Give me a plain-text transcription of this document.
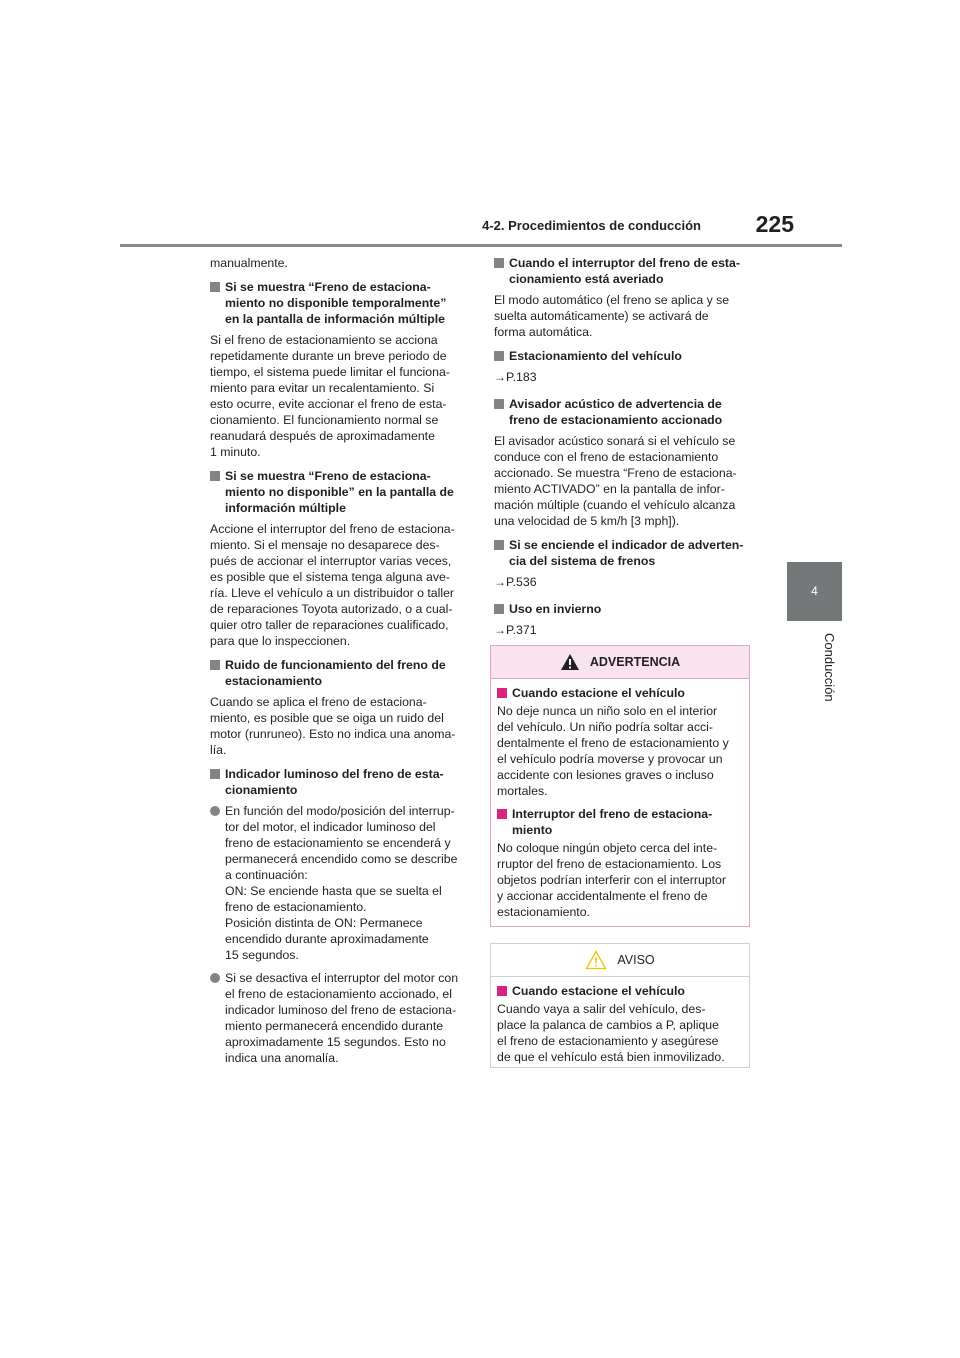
4-2. Procedimientos de conducción	225
4
Conducción

manualmente.

Si se muestra “Freno de estaciona-
miento no disponible temporalmente”
en la pantalla de información múltiple

Si el freno de estacionamiento se acciona
repetidamente durante un breve periodo de
tiempo, el sistema puede limitar el funciona-
miento para evitar un recalentamiento. Si
esto ocurre, evite accionar el freno de esta-
cionamiento. El funcionamiento normal se
reanudará después de aproximadamente
1 minuto.

Si se muestra “Freno de estaciona-
miento no disponible” en la pantalla de
información múltiple

Accione el interruptor del freno de estaciona-
miento. Si el mensaje no desaparece des-
pués de accionar el interruptor varias veces,
es posible que el sistema tenga alguna ave-
ría. Lleve el vehículo a un distribuidor o taller
de reparaciones Toyota autorizado, o a cual-
quier otro taller de reparaciones cualificado,
para que lo inspeccionen.

Ruido de funcionamiento del freno de
estacionamiento

Cuando se aplica el freno de estaciona-
miento, es posible que se oiga un ruido del
motor (runruneo). Esto no indica una anoma-
lía.

Indicador luminoso del freno de esta-
cionamiento
En función del modo/posición del interrup-
tor del motor, el indicador luminoso del
freno de estacionamiento se encenderá y
permanecerá encendido como se describe
a continuación:
ON: Se enciende hasta que se suelta el
freno de estacionamiento.
Posición distinta de ON: Permanece
encendido durante aproximadamente
15 segundos.
Si se desactiva el interruptor del motor con
el freno de estacionamiento accionado, el
indicador luminoso del freno de estaciona-
miento permanecerá encendido durante
aproximadamente 15 segundos. Esto no
indica una anomalía.
Cuando el interruptor del freno de esta-
cionamiento está averiado

El modo automático (el freno se aplica y se
suelta automáticamente) se activará de
forma automática.

Estacionamiento del vehículo

→P.183

Avisador acústico de advertencia de
freno de estacionamiento accionado

El avisador acústico sonará si el vehículo se
conduce con el freno de estacionamiento
accionado. Se muestra “Freno de estaciona-
miento ACTIVADO” en la pantalla de infor-
mación múltiple (cuando el vehículo alcanza
una velocidad de 5 km/h [3 mph]).

Si se enciende el indicador de adverten-
cia del sistema de frenos

→P.536

Uso en invierno

→P.371

ADVERTENCIA
Cuando estacione el vehículo

No deje nunca un niño solo en el interior
del vehículo. Un niño podría soltar acci-
dentalmente el freno de estacionamiento y
el vehículo podría moverse y provocar un
accidente con lesiones graves o incluso
mortales.

Interruptor del freno de estaciona-
miento

No coloque ningún objeto cerca del inte-
rruptor del freno de estacionamiento. Los
objetos podrían interferir con el interruptor
y accionar accidentalmente el freno de
estacionamiento.

AVISO
Cuando estacione el vehículo

Cuando vaya a salir del vehículo, des-
place la palanca de cambios a P, aplique
el freno de estacionamiento y asegúrese
de que el vehículo está bien inmovilizado.
